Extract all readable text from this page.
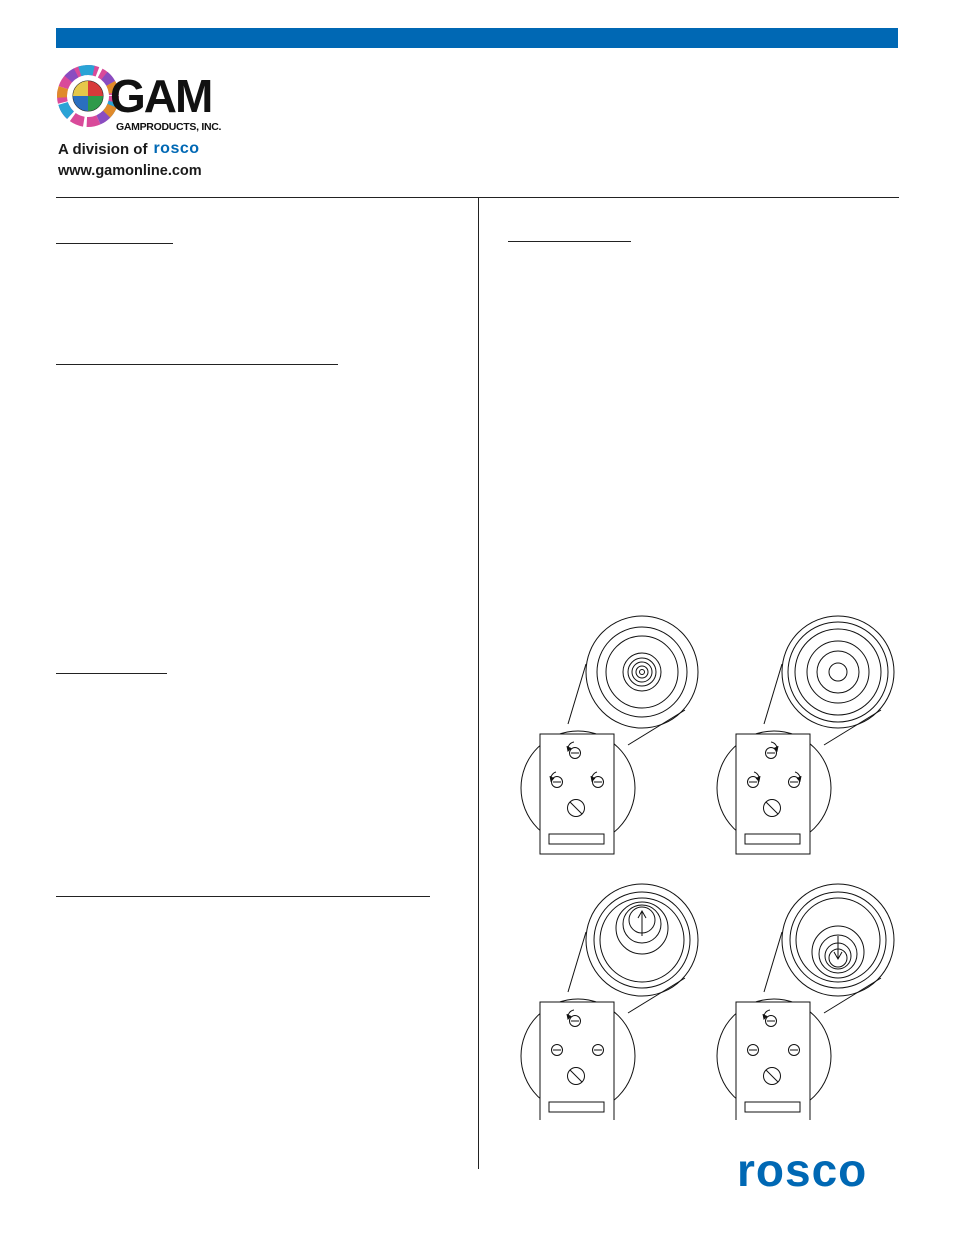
GAM
GAMPRODUCTS, INC.
A division of rosco
www.gamonline.com
rosco
